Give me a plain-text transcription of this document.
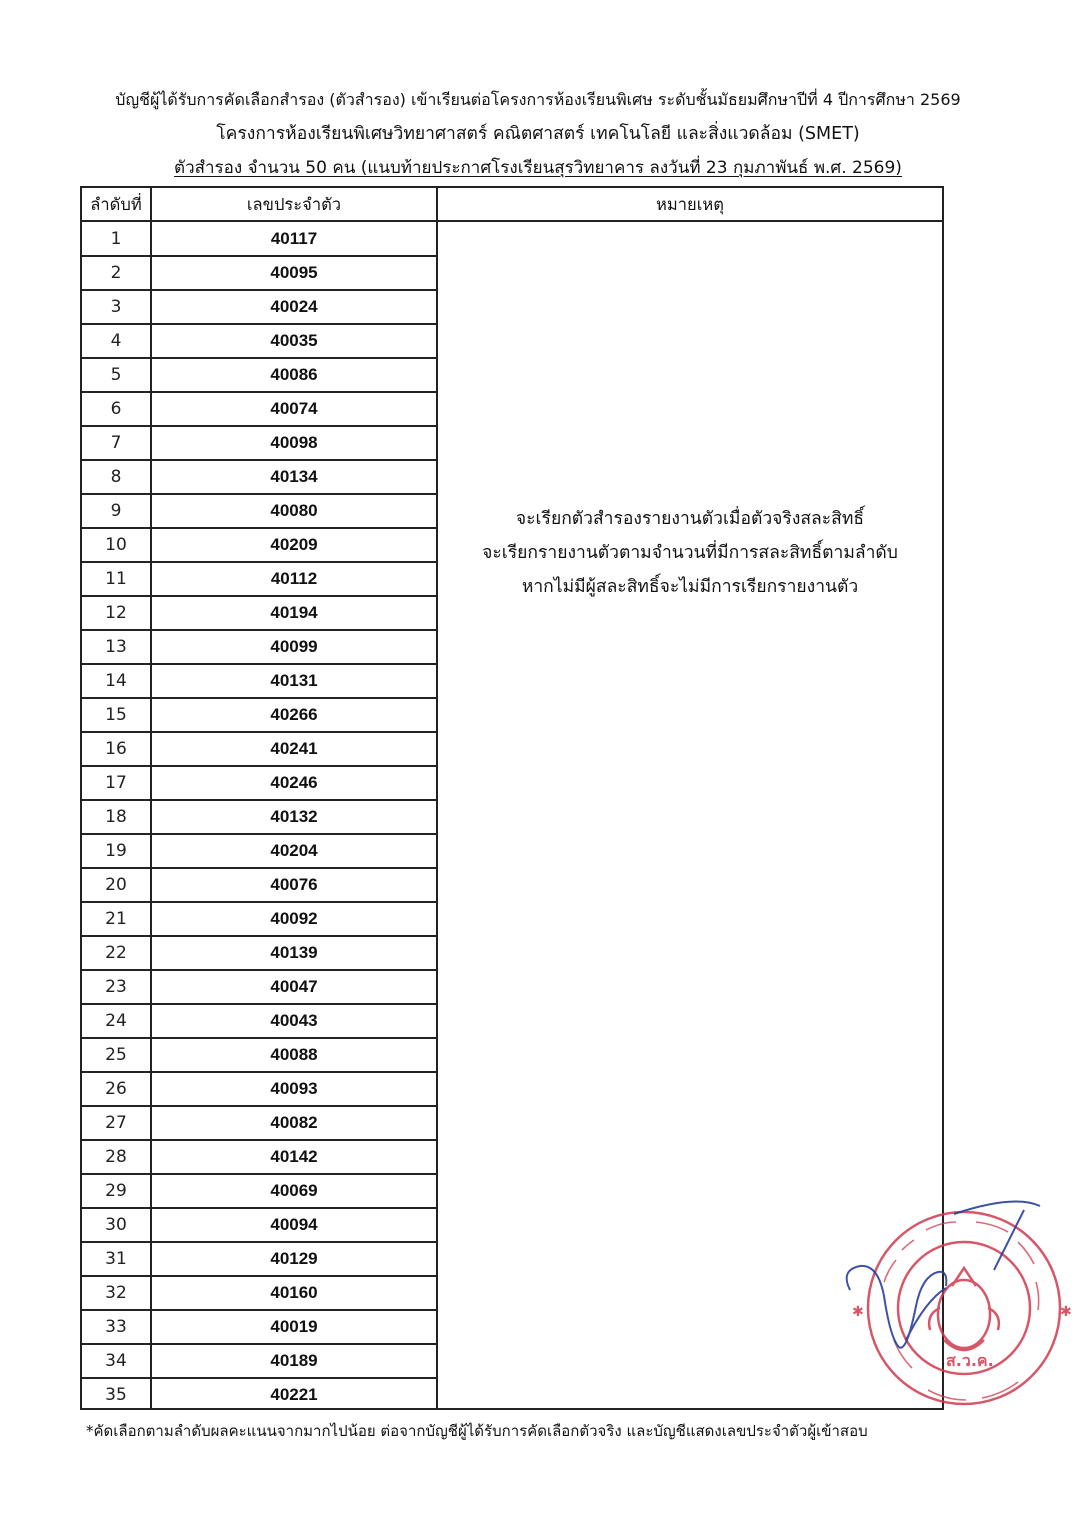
บัญชีผู้ได้รับการคัดเลือกสำรอง (ตัวสำรอง) เข้าเรียนต่อโครงการห้องเรียนพิเศษ ระดับชั้นมัธยมศึกษาปีที่ 4 ปีการศึกษา 2569
โครงการห้องเรียนพิเศษวิทยาศาสตร์ คณิตศาสตร์ เทคโนโลยี และสิ่งแวดล้อม (SMET)
ตัวสำรอง จำนวน 50 คน (แนบท้ายประกาศโรงเรียนสุรวิทยาคาร ลงวันที่ 23 กุมภาพันธ์ พ.ศ. 2569)
ลำดับที่	เลขประจำตัว	หมายเหตุ
จะเรียกตัวสำรองรายงานตัวเมื่อตัวจริงสละสิทธิ์
จะเรียกรายงานตัวตามจำนวนที่มีการสละสิทธิ์ตามลำดับ
หากไม่มีผู้สละสิทธิ์จะไม่มีการเรียกรายงานตัว
1	40117
2	40095
3	40024
4	40035
5	40086
6	40074
7	40098
8	40134
9	40080
10	40209
11	40112
12	40194
13	40099
14	40131
15	40266
16	40241
17	40246
18	40132
19	40204
20	40076
21	40092
22	40139
23	40047
24	40043
25	40088
26	40093
27	40082
28	40142
29	40069
30	40094
31	40129
32	40160
33	40019
34	40189
35	40221
*คัดเลือกตามลำดับผลคะแนนจากมากไปน้อย ต่อจากบัญชีผู้ได้รับการคัดเลือกตัวจริง และบัญชีแสดงเลขประจำตัวผู้เข้าสอบ
✱	✱
ส.ว.ค.
